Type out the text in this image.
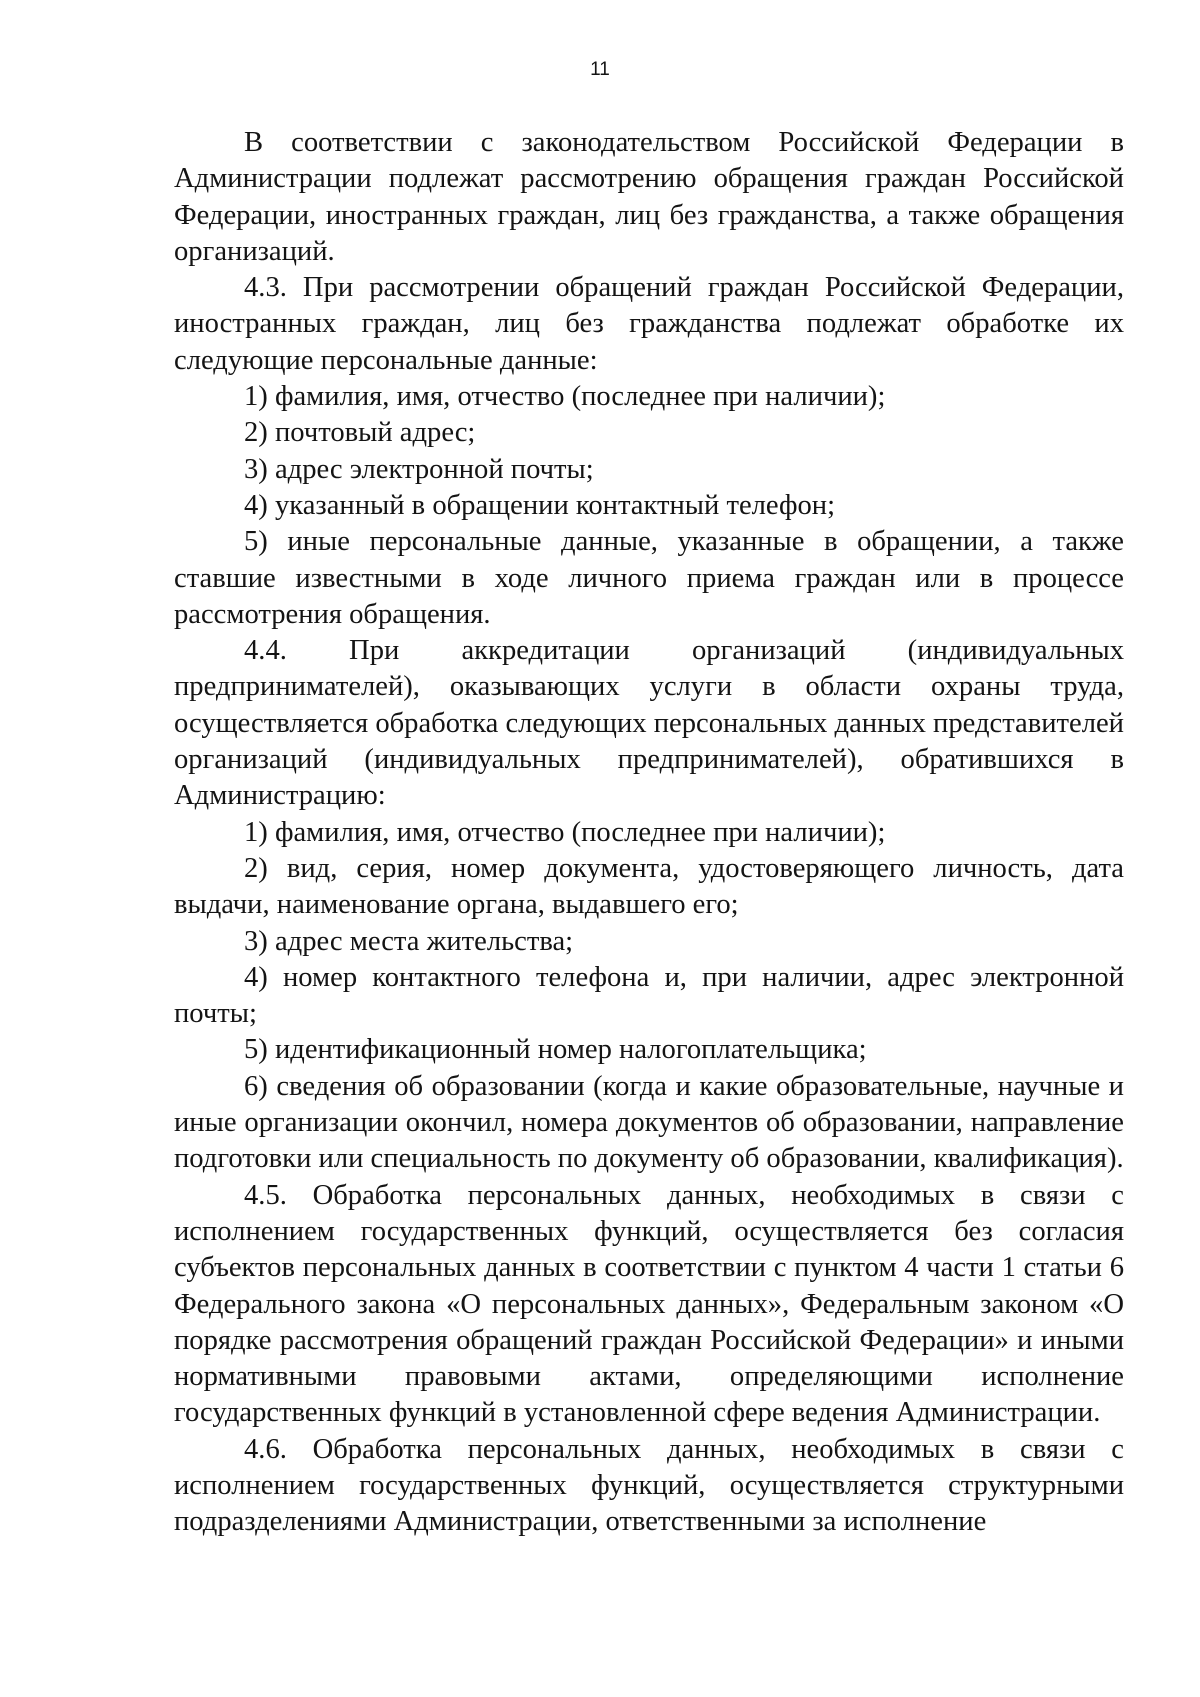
11

В соответствии с законодательством Российской Федерации в Администрации подлежат рассмотрению обращения граждан Российской Федерации, иностранных граждан, лиц без гражданства, а также обращения организаций.

4.3. При рассмотрении обращений граждан Российской Федерации, иностранных граждан, лиц без гражданства подлежат обработке их следующие персональные данные:

1) фамилия, имя, отчество (последнее при наличии);

2) почтовый адрес;

3) адрес электронной почты;

4) указанный в обращении контактный телефон;

5) иные персональные данные, указанные в обращении, а также ставшие известными в ходе личного приема граждан или в процессе рассмотрения обращения.

4.4. При аккредитации организаций (индивидуальных предпринимателей), оказывающих услуги в области охраны труда, осуществляется обработка следующих персональных данных представителей организаций (индивидуальных предпринимателей), обратившихся в Администрацию:

1) фамилия, имя, отчество (последнее при наличии);

2) вид, серия, номер документа, удостоверяющего личность, дата выдачи, наименование органа, выдавшего его;

3) адрес места жительства;

4) номер контактного телефона и, при наличии, адрес электронной почты;

5) идентификационный номер налогоплательщика;

6) сведения об образовании (когда и какие образовательные, научные и иные организации окончил, номера документов об образовании, направление подготовки или специальность по документу об образовании, квалификация).

4.5. Обработка персональных данных, необходимых в связи с исполнением государственных функций, осуществляется без согласия субъектов персональных данных в соответствии с пунктом 4 части 1 статьи 6 Федерального закона «О персональных данных», Федеральным законом «О порядке рассмотрения обращений граждан Российской Федерации» и иными нормативными правовыми актами, определяющими исполнение государственных функций в установленной сфере ведения Администрации.

4.6. Обработка персональных данных, необходимых в связи с исполнением государственных функций, осуществляется структурными подразделениями Администрации, ответственными за исполнение
